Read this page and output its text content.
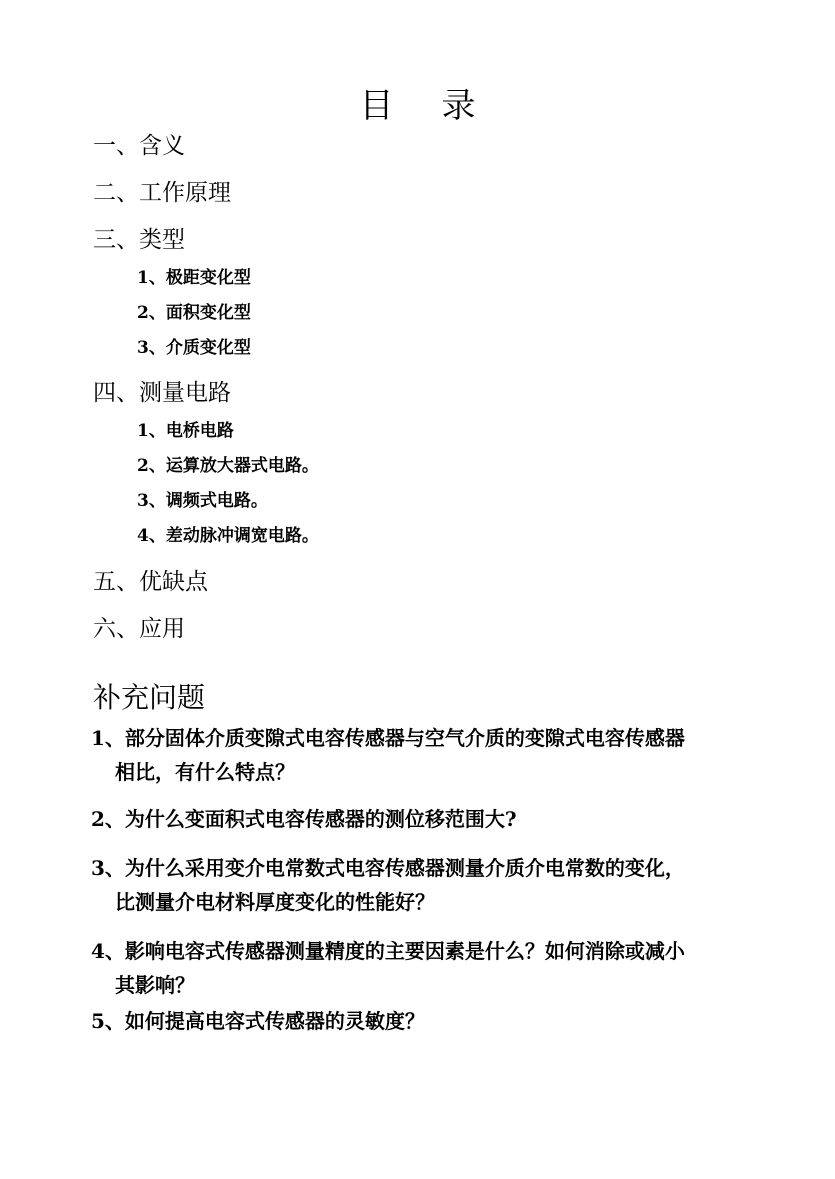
目 录
一、含义
二、工作原理
三、类型
1、极距变化型
2、面积变化型
3、介质变化型
四、测量电路
1、电桥电路
2、运算放大器式电路。
3、调频式电路。
4、差动脉冲调宽电路。
五、优缺点
六、应用
补充问题
1、部分固体介质变隙式电容传感器与空气介质的变隙式电容传感器
相比，有什么特点？
2、为什么变面积式电容传感器的测位移范围大?
3、为什么采用变介电常数式电容传感器测量介质介电常数的变化，
比测量介电材料厚度变化的性能好？
4、影响电容式传感器测量精度的主要因素是什么？如何消除或减小
其影响？
5、如何提高电容式传感器的灵敏度？
